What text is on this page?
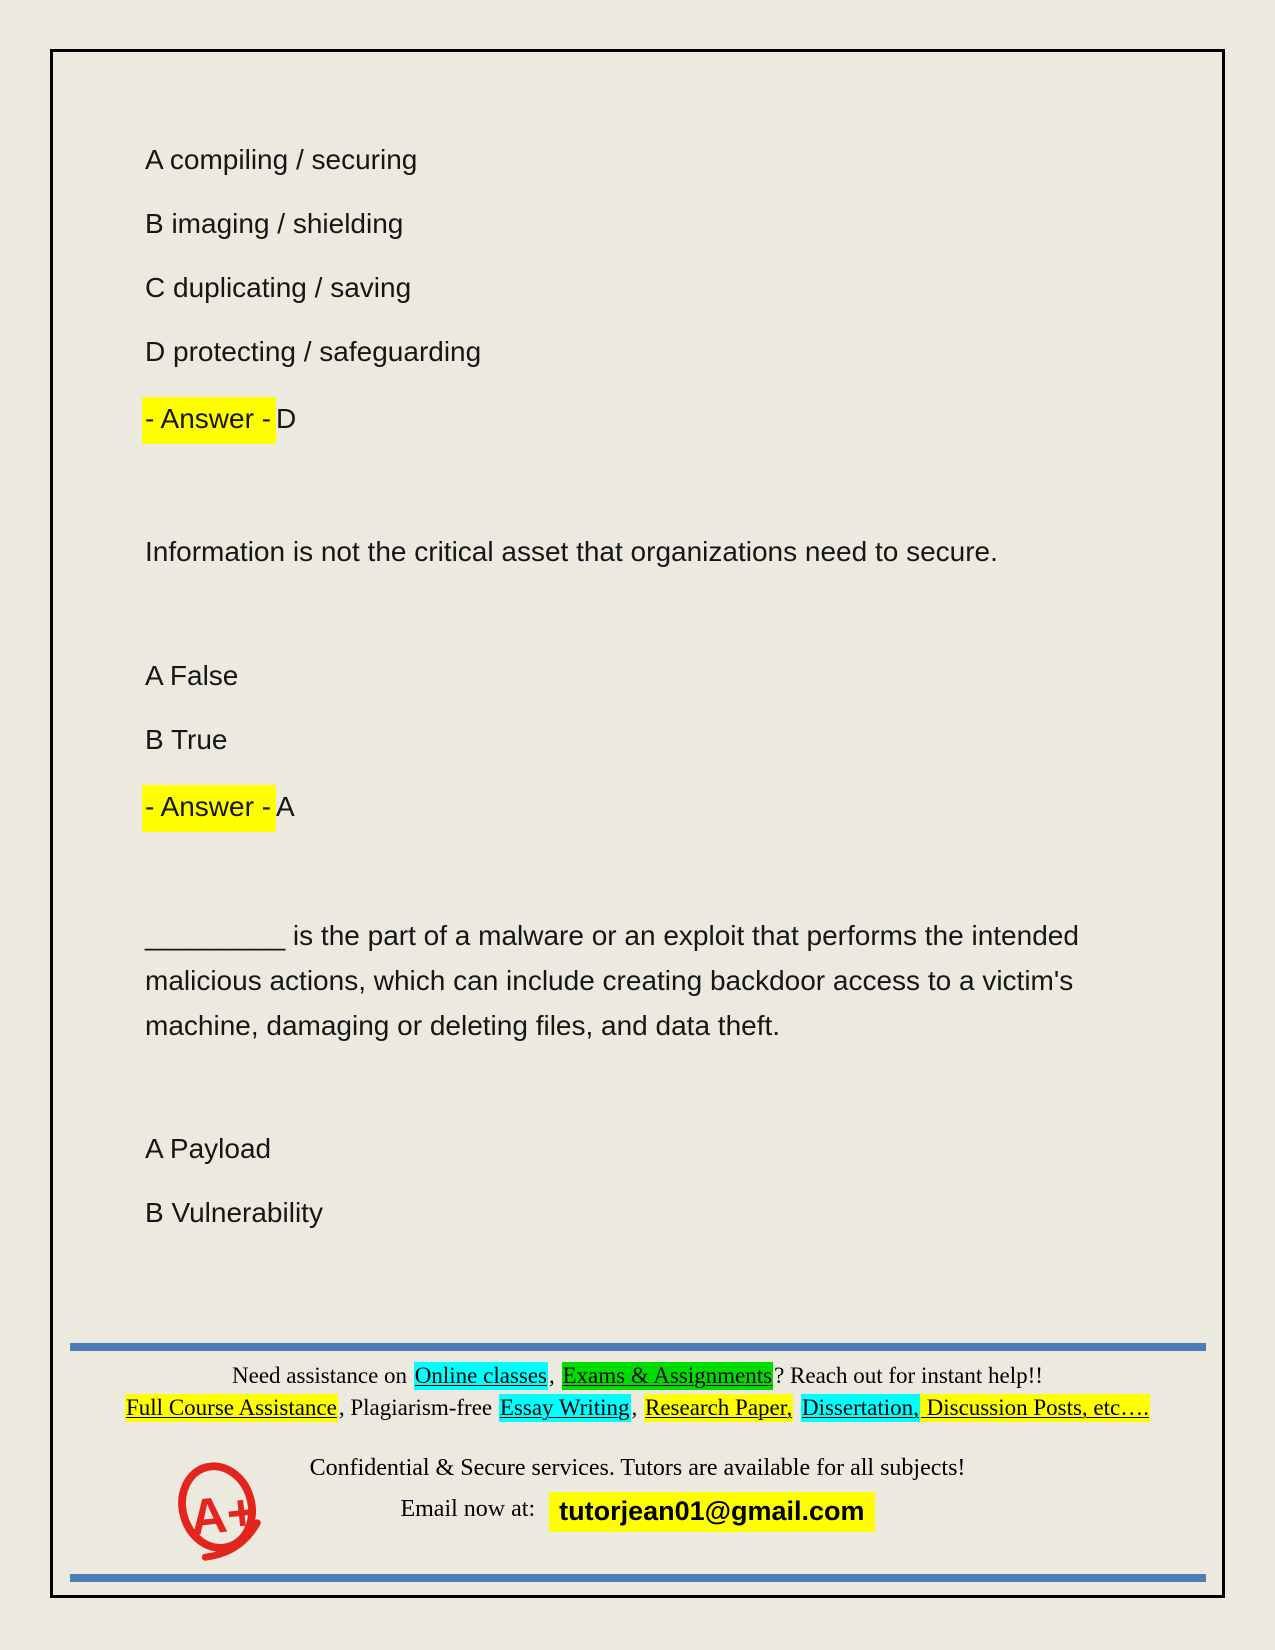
A compiling / securing
B imaging / shielding
C duplicating / saving
D protecting / safeguarding
- Answer - D
Information is not the critical asset that organizations need to secure.
A False
B True
- Answer - A
_________ is the part of a malware or an exploit that performs the intended malicious actions, which can include creating backdoor access to a victim's machine, damaging or deleting files, and data theft.
A Payload
B Vulnerability
Need assistance on Online classes, Exams & Assignments? Reach out for instant help!!
Full Course Assistance, Plagiarism-free Essay Writing, Research Paper, Dissertation, Discussion Posts, etc….
A+
Confidential & Secure services. Tutors are available for all subjects!
Email now at: tutorjean01@gmail.com
